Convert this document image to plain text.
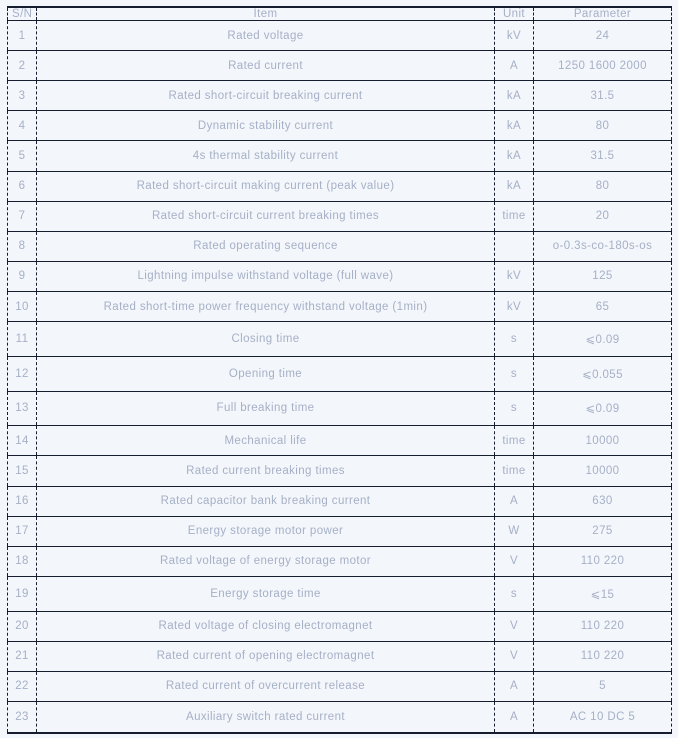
S/N	Item	Unit	Parameter
1	Rated voltage	kV	24
2	Rated current	A	1250 1600 2000
3	Rated short-circuit breaking current	kA	31.5
4	Dynamic stability current	kA	80
5	4s thermal stability current	kA	31.5
6	Rated short-circuit making current (peak value)	kA	80
7	Rated short-circuit current breaking times	time	20
8	Rated operating sequence		o-0.3s-co-180s-os
9	Lightning impulse withstand voltage (full wave)	kV	125
10	Rated short-time power frequency withstand voltage (1min)	kV	65
11	Closing time	s	⩽0.09
12	Opening time	s	⩽0.055
13	Full breaking time	s	⩽0.09
14	Mechanical life	time	10000
15	Rated current breaking times	time	10000
16	Rated capacitor bank breaking current	A	630
17	Energy storage motor power	W	275
18	Rated voltage of energy storage motor	V	110 220
19	Energy storage time	s	⩽15
20	Rated voltage of closing electromagnet	V	110 220
21	Rated current of opening electromagnet	V	110 220
22	Rated current of overcurrent release	A	5
23	Auxiliary switch rated current	A	AC 10 DC 5
